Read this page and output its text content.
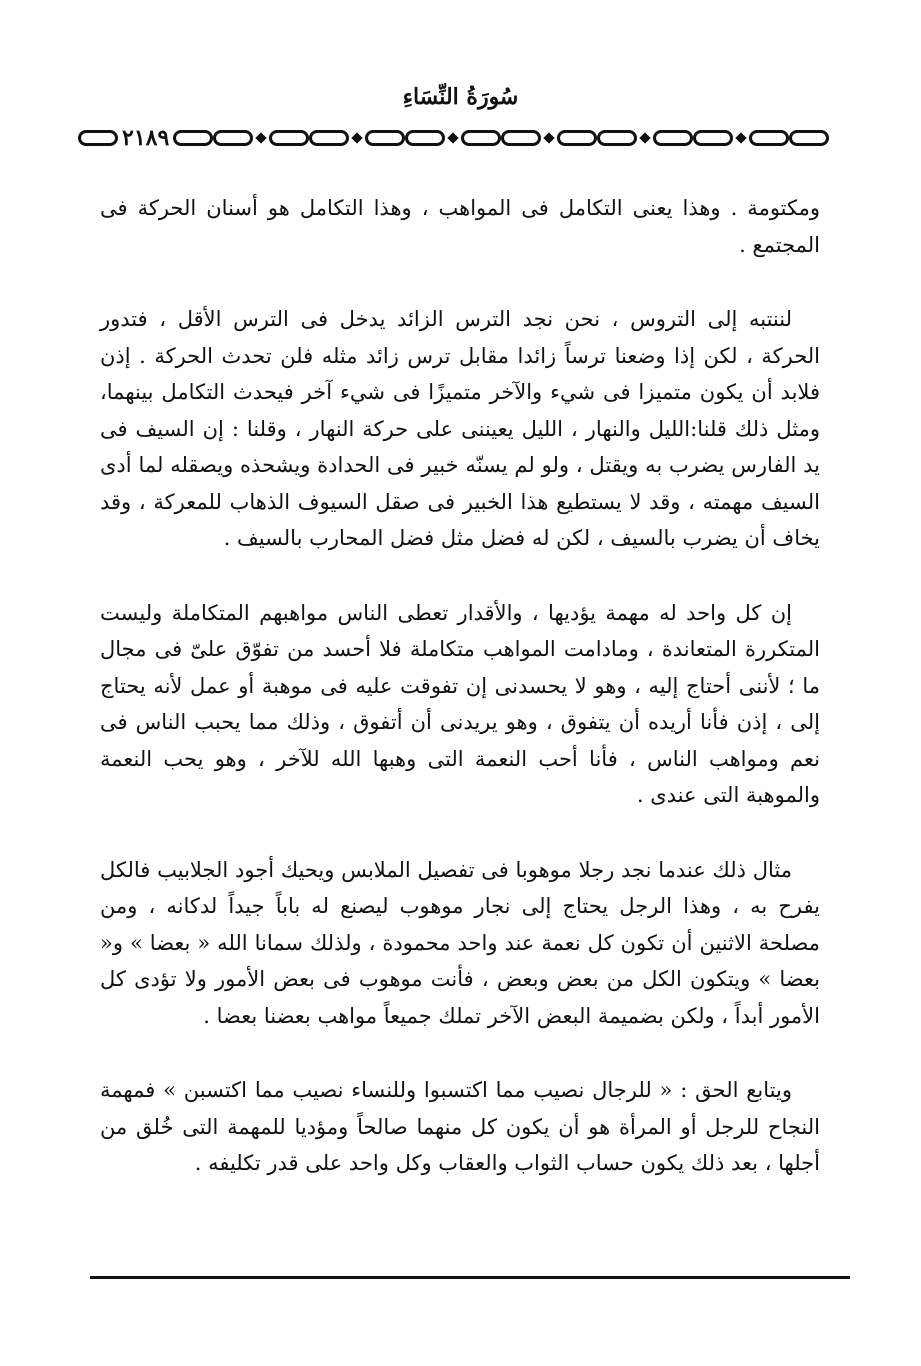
سُورَةُ النِّسَاءِ
٢١٨٩

ومكتومة . وهذا يعنى التكامل فى المواهب ، وهذا التكامل هو أسنان الحركة فى المجتمع .

لننتبه إلى التروس ، نحن نجد الترس الزائد يدخل فى الترس الأقل ، فتدور الحركة ، لكن إذا وضعنا ترساً زائدا مقابل ترس زائد مثله فلن تحدث الحركة . إذن فلابد أن يكون متميزا فى شيء والآخر متميزًا فى شيء آخر فيحدث التكامل بينهما، ومثل ذلك قلنا:الليل والنهار ، الليل يعيننى على حركة النهار ، وقلنا : إن السيف فى يد الفارس يضرب به ويقتل ، ولو لم يسنّه خبير فى الحدادة ويشحذه ويصقله لما أدى السيف مهمته ، وقد لا يستطيع هذا الخبير فى صقل السيوف الذهاب للمعركة ، وقد يخاف أن يضرب بالسيف ، لكن له فضل مثل فضل المحارب بالسيف .

إن كل واحد له مهمة يؤديها ، والأقدار تعطى الناس مواهبهم المتكاملة وليست المتكررة المتعاندة ، ومادامت المواهب متكاملة فلا أحسد من تفوّق علىّ فى مجال ما ؛ لأننى أحتاج إليه ، وهو لا يحسدنى إن تفوقت عليه فى موهبة أو عمل لأنه يحتاج إلى ، إذن فأنا أريده أن يتفوق ، وهو يريدنى أن أتفوق ، وذلك مما يحبب الناس فى نعم ومواهب الناس ، فأنا أحب النعمة التى وهبها الله للآخر ، وهو يحب النعمة والموهبة التى عندى .

مثال ذلك عندما نجد رجلا موهوبا فى تفصيل الملابس ويحيك أجود الجلابيب فالكل يفرح به ، وهذا الرجل يحتاج إلى نجار موهوب ليصنع له باباً جيداً لدكانه ، ومن مصلحة الاثنين أن تكون كل نعمة عند واحد محمودة ، ولذلك سمانا الله « بعضا » و« بعضا » ويتكون الكل من بعض وبعض ، فأنت موهوب فى بعض الأمور ولا تؤدى كل الأمور أبداً ، ولكن بضميمة البعض الآخر تملك جميعاً مواهب بعضنا بعضا .

ويتابع الحق : « للرجال نصيب مما اكتسبوا وللنساء نصيب مما اكتسبن » فمهمة النجاح للرجل أو المرأة هو أن يكون كل منهما صالحاً ومؤديا للمهمة التى خُلق من أجلها ، بعد ذلك يكون حساب الثواب والعقاب وكل واحد على قدر تكليفه .
